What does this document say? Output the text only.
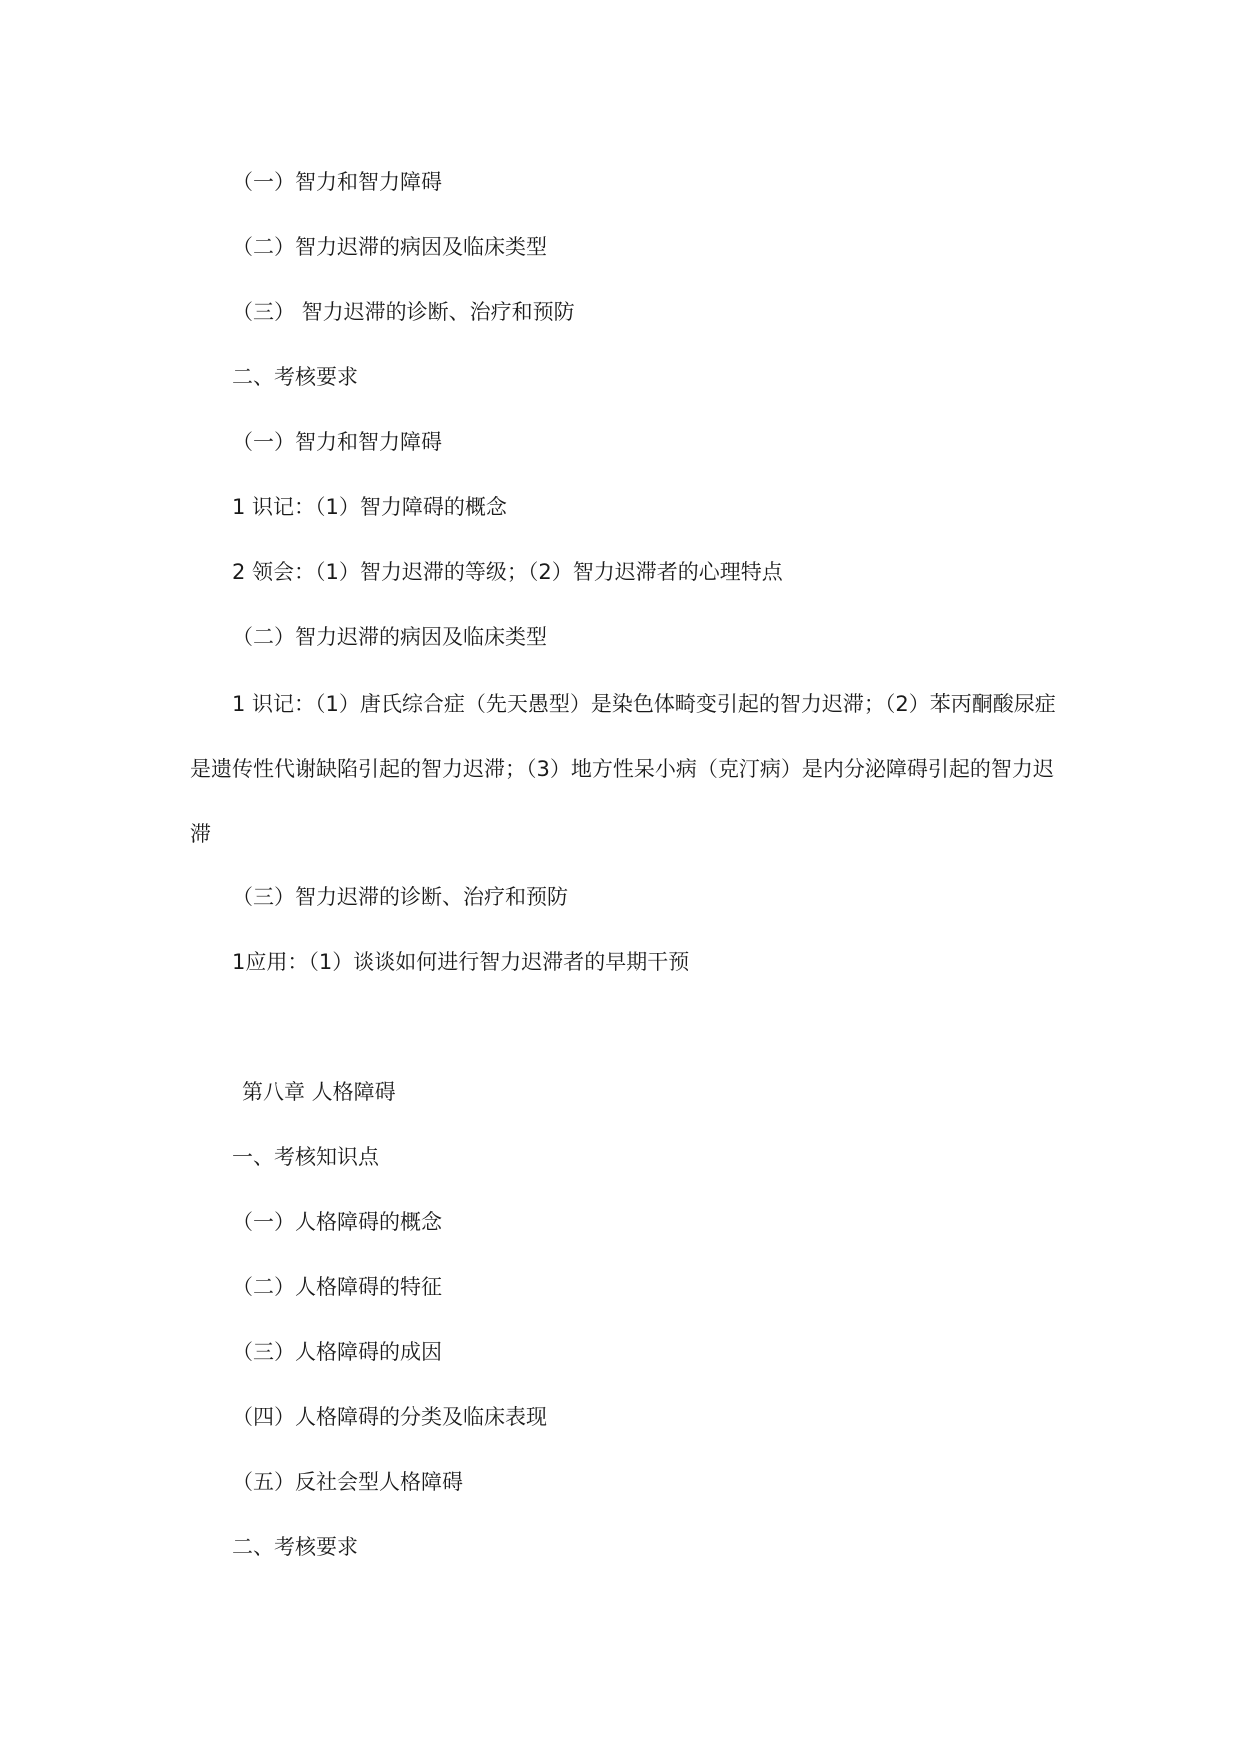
（一）智力和智力障碍
（二）智力迟滞的病因及临床类型
（三） 智力迟滞的诊断、治疗和预防
二、考核要求
（一）智力和智力障碍
1 识记：（1）智力障碍的概念
2 领会：（1）智力迟滞的等级；（2）智力迟滞者的心理特点
（二）智力迟滞的病因及临床类型
1 识记：（1）唐氏综合症（先天愚型）是染色体畸变引起的智力迟滞；（2）苯丙酮酸尿症是遗传性代谢缺陷引起的智力迟滞；（3）地方性呆小病（克汀病）是内分泌障碍引起的智力迟滞
（三）智力迟滞的诊断、治疗和预防
1应用：（1）谈谈如何进行智力迟滞者的早期干预
第八章 人格障碍
一、考核知识点
（一）人格障碍的概念
（二）人格障碍的特征
（三）人格障碍的成因
（四）人格障碍的分类及临床表现
（五）反社会型人格障碍
二、考核要求
